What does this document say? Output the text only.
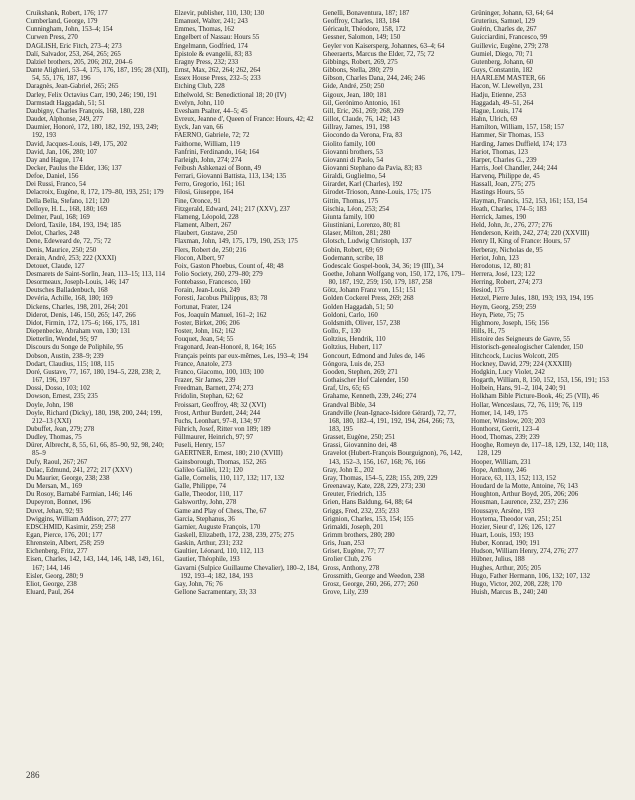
Cruikshank, Robert, 176; 177
Cumberland, George, 179
Cunningham, John, 153–4; 154
Curwen Press, 270
DAGLISH, Eric Fitch, 273–4; 273
Dalí, Salvador, 253, 264, 265; 265
Dalziel brothers, 205, 206; 202, 204–6
Dante Alighieri, 53–4, 175, 176, 187, 195; 28 (XII), 54, 55, 176, 187, 196
Daragnès, Jean-Gabriel, 265; 265
Darley, Felix Octavius Carr, 190, 246; 190, 191
Darmstadt Haggadah, 51; 51
Daubigny, Charles François, 168, 180, 228
Daudet, Alphonse, 249, 277
Daumier, Honoré, 172, 180, 182, 192, 193, 249; 192, 193
David, Jacques-Louis, 149, 175, 202
David, Jan, 106, 280; 107
Day and Hague, 174
Decker, Paulus the Elder, 136; 137
Defoe, Daniel, 156
Dei Russi, Franco, 54
Delacroix, Eugène, 8, 172, 179–80, 193, 251; 179
Della Bella, Stefano, 121; 120
Delloye, H. L., 168, 180; 169
Delmer, Paul, 168; 169
Delord, Taxile, 184, 193, 194; 185
Delot, Charles, 248
Dene, Edeweard de, 72, 75; 72
Denis, Maurice, 250; 250
Derain, André, 253; 222 (XXXI)
Detouet, Claude, 127
Desmarets de Saint-Sorlin, Jean, 113–15; 113, 114
Desormeaux, Joseph-Louis, 146; 147
Deutsches Balladenbuch, 168
Devéria, Achille, 168, 180; 169
Dickens, Charles, 198, 201, 264; 201
Diderot, Denis, 146, 150, 265; 147, 266
Didot, Firmin, 172, 175–6; 166, 175, 181
Diepenbecke, Abraham von, 130; 131
Dietterlin, Wendel, 95; 97
Discours du Songe de Poliphile, 95
Dobson, Austin, 238–9; 239
Dodart, Claudius, 115; 108, 115
Doré, Gustave, 77, 167, 180, 194–5, 228, 238; 2, 167, 196, 197
Dossi, Dosso, 103; 102
Dowson, Ernest, 235; 235
Doyle, John, 198
Doyle, Richard (Dicky), 180, 198, 200, 244; 199, 212–13 (XXI)
Dubuffet, Jean, 279; 278
Dudley, Thomas, 75
Dürer, Albrecht, 8, 55, 61, 66, 85–90, 92, 98, 240; 85–9
Dufy, Raoul, 267; 267
Dulac, Edmund, 241, 272; 217 (XXV)
Du Maurier, George, 238; 238
Du Mersan, M., 169
Du Rosoy, Barnabé Farmian, 146; 146
Dupeyron, Bonnet, 196
Duvet, Jehan, 92; 93
Dwiggins, William Addison, 277; 277
EDSCHMID, Kasimir, 259; 258
Egan, Pierce, 176, 201; 177
Ehrenstein, Albert, 258; 259
Eichenberg, Fritz, 277
Eisen, Charles, 142, 143, 144, 146, 148, 149, 161, 167; 144, 146
Eisler, Georg, 280; 9
Eliot, George, 238
Eluard, Paul, 264
Elzevir, publisher, 110, 130; 130
Emanuel, Walter, 241; 243
Emmes, Thomas, 162
Engelbert of Nassau: Hours 55
Engelmann, Godfried, 174
Epistole & evangelii, 83; 83
Eragny Press, 232; 233
Ernst, Max, 262, 264; 262, 264
Essex House Press, 232–5; 233
Etching Club, 228
Ethelwold, St: Benedictional 18; 20 (IV)
Evelyn, John, 110
Evesham Psalter, 44–5; 45
Evreux, Jeanne d', Queen of France: Hours, 42; 42
Eyck, Jan van, 66
FAERNO, Gabriele, 72; 72
Faithorne, William, 119
Fanfrini, Ferdinando, 164; 164
Farleigh, John, 274; 274
Feibush Ashkenazi of Bonn, 49
Ferrari, Giovanni Battista, 113, 134; 135
Ferro, Gregorio, 161; 161
Filosi, Giuseppe, 164
Fine, Oronce, 91
Fitzgerald, Edward, 241; 217 (XXV), 237
Flameng, Léopold, 228
Flament, Albert, 267
Flaubert, Gustave, 250
Flaxman, John, 149, 175, 179, 190, 253; 175
Flers, Robert de, 250; 216
Flocon, Albert, 97
Foix, Gaston Phoebus, Count of, 48; 48
Folio Society, 260, 279–80; 279
Fontebasso, Francesco, 160
Forain, Jean-Louis, 249
Foresti, Jacobus Philippus, 83; 78
Fortunat, Frater, 124
Fos, Joaquín Manuel, 161–2; 162
Foster, Birket, 206; 206
Foster, John, 162; 162
Fouquet, Jean, 54; 55
Fragonard, Jean-Honoré, 8, 164; 165
Français peints par eux-mêmes, Les, 193–4; 194
France, Anatole, 273
Franco, Giacomo, 100, 103; 100
Frazer, Sir James, 239
Freedman, Barnett, 274; 273
Fridolin, Stephan, 62; 62
Froissart, Geoffroy, 48; 32 (XVI)
Frost, Arthur Burdett, 244; 244
Fuchs, Leonhart, 97–8, 134; 97
Führich, Josef, Ritter von 189; 189
Füllmaurer, Heinrich, 97; 97
Fuseli, Henry, 157
GAERTNER, Ernest, 180; 210 (XVIII)
Gainsborough, Thomas, 152, 265
Galileo Galilei, 121; 120
Galle, Cornelis, 110, 117, 132; 117, 132
Galle, Philippe, 74
Galle, Theodor, 110, 117
Galsworthy, John, 278
Game and Play of Chess, The, 67
Garcia, Stephanus, 36
Garnier, Auguste François, 170
Gaskell, Elizabeth, 172, 238, 239, 275; 275
Gaskin, Arthur, 231; 232
Gaultier, Léonard, 110, 112, 113
Gautier, Théophile, 193
Gavarni (Sulpice Guillaume Chevalier), 180–2, 184, 192, 193–4; 182, 184, 193
Gay, John, 76; 76
Gellone Sacramentary, 33; 33
Genelli, Bonaventura, 187; 187
Geoffroy, Charles, 183, 184
Géricault, Théodore, 158, 172
Gessner, Salomon, 149; 150
Geyler von Kaisersperg, Johannes, 63–4; 64
Gheeraerts, Marcus the Elder, 72, 75; 72
Gibbings, Robert, 269, 275
Gibbons, Stella, 280; 279
Gibson, Charles Dana, 244, 246; 246
Gide, André, 250; 250
Gigoux, Jean, 180; 181
Gil, Gerónimo Antonio, 161
Gill, Eric, 261, 269; 268, 269
Gillot, Claude, 76, 142; 143
Gillray, James, 191, 198
Giocondo da Verona, Fra, 83
Giolito family, 100
Giovanni brothers, 53
Giovanni di Paolo, 54
Giovanni Stephano da Pavia, 83; 83
Giraldi, Guglielmo, 54
Girardet, Karl (Charles), 192
Girodet-Trioson, Anne-Louis, 175; 175
Gittin, Thomas, 175
Gischia, Léon, 253; 254
Giunta family, 100
Giustiniani, Lorenzo, 80; 81
Glaser, Milton, 281; 280
Glotsch, Ludwig Christoph, 137
Gobin, Robert, 69; 69
Godemann, scribe, 18
Godescalc Gospel-book, 34, 36; 19 (III), 34
Goethe, Johann Wolfgang von, 150, 172, 176, 179–80, 187, 192, 259; 150, 179, 187, 258
Götz, Johann Franz von, 151; 151
Golden Cockerel Press, 269; 268
Golden Haggadah, 51; 50
Goldoni, Carlo, 160
Goldsmith, Oliver, 157, 238
Gollo, F., 130
Goltzius, Hendrik, 110
Goltzius, Hubert, 117
Goncourt, Edmond and Jules de, 146
Góngora, Luis de, 253
Gooden, Stephen, 269; 271
Gothaischer Hof Calender, 150
Graf, Urs, 65; 65
Grahame, Kenneth, 239, 246; 274
Grandval Bible, 34
Grandville (Jean-Ignace-Isidore Gérard), 72, 77, 168, 180, 182–4, 191, 192, 194, 264, 266; 73, 183, 195
Grasset, Eugène, 250; 251
Grassi, Giovannino dei, 48
Gravelot (Hubert-François Bourguignon), 76, 142, 143, 152–3, 156, 167, 168; 76, 166
Gray, John E., 202
Gray, Thomas, 154–5, 228; 155, 209, 229
Greenaway, Kate, 228, 229, 273; 230
Greuter, Friedrich, 135
Grien, Hans Baldung, 64, 88; 64
Griggs, Fred, 232, 235; 233
Grignion, Charles, 153, 154; 155
Grimaldi, Joseph, 201
Grimm brothers, 280; 280
Gris, Juan, 253
Griset, Eugène, 77; 77
Grolier Club, 276
Gross, Anthony, 278
Grossmith, George and Weedon, 238
Grosz, George, 260, 266, 277; 260
Grove, Lily, 239
Grüninger, Johann, 63, 64; 64
Gruterius, Samuel, 129
Guérin, Charles de, 267
Guicciardini, Francesco, 99
Guillevic, Eugène, 279; 278
Gumiel, Diego, 70; 71
Gutenberg, Johann, 60
Guys, Constantin, 182
HAARLEM MASTER, 66
Hacon, W. Llewellyn, 231
Hadju, Etienne, 253
Haggadah, 49–51, 264
Hague, Louis, 174
Hahn, Ulrich, 69
Hamilton, William, 157, 158; 157
Hammer, Sir Thomas, 153
Harding, James Duffield, 174; 173
Hariot, Thomas, 123
Harper, Charles G., 239
Harris, Joel Chandler, 244; 244
Harvenq, Philippe de, 45
Hassall, Joan, 275; 275
Hastings Hours, 55
Hayman, Francis, 152, 153, 161; 153, 154
Heath, Charles, 174–5; 183
Herrick, James, 190
Held, John, Jr., 276, 277; 276
Henderson, Keith, 242, 274; 220 (XXVIII)
Henry II, King of France: Hours, 57
Herberay, Nicholas de, 95
Heriot, John, 123
Herodotus, 12, 80; 81
Herrera, José, 123; 122
Herring, Robert, 274; 273
Hesiod, 175
Hetzel, Pierre Jules, 180, 193; 193, 194, 195
Heym, Georg, 259; 259
Heyn, Piete, 75; 75
Highmore, Joseph, 156; 156
Hills, H., 75
Histoire des Seigneurs de Gavre, 55
Historisch-genealogischer Calender, 150
Hitchcock, Lucius Wolcott, 205
Hockney, David, 279; 224 (XXXIII)
Hodgkin, Lucy Violet, 242
Hogarth, William, 8, 150, 152, 153, 156, 191; 153
Holbein, Hans, 91–2, 104, 240; 91
Holkham Bible Picture-Book, 46; 25 (VII), 46
Hollar, Wenceslaus, 72, 76, 119; 76, 119
Homer, 14, 149, 175
Homer, Winslow, 203; 203
Honthorst, Gerrit, 123–4
Hood, Thomas, 239; 239
Hooghe, Romeyn de, 117–18, 129, 132, 140; 118, 128, 129
Hooper, William, 231
Hope, Anthony, 246
Horace, 63, 113, 152; 113, 152
Houdard de la Motte, Antoine, 76; 143
Houghton, Arthur Boyd, 205, 206; 206
Housman, Laurence, 232, 237; 236
Houssaye, Arsène, 193
Hoytema, Theodor van, 251; 251
Hozier, Sieur d', 126; 126, 127
Huart, Louis, 193; 193
Huber, Konrad, 190; 191
Hudson, William Henry, 274, 276; 277
Hübner, Julius, 188
Hughes, Arthur, 205; 205
Hugo, Father Hermann, 106, 132; 107, 132
Hugo, Victor, 202, 208, 228; 170
Huish, Marcus B., 240; 240
286
